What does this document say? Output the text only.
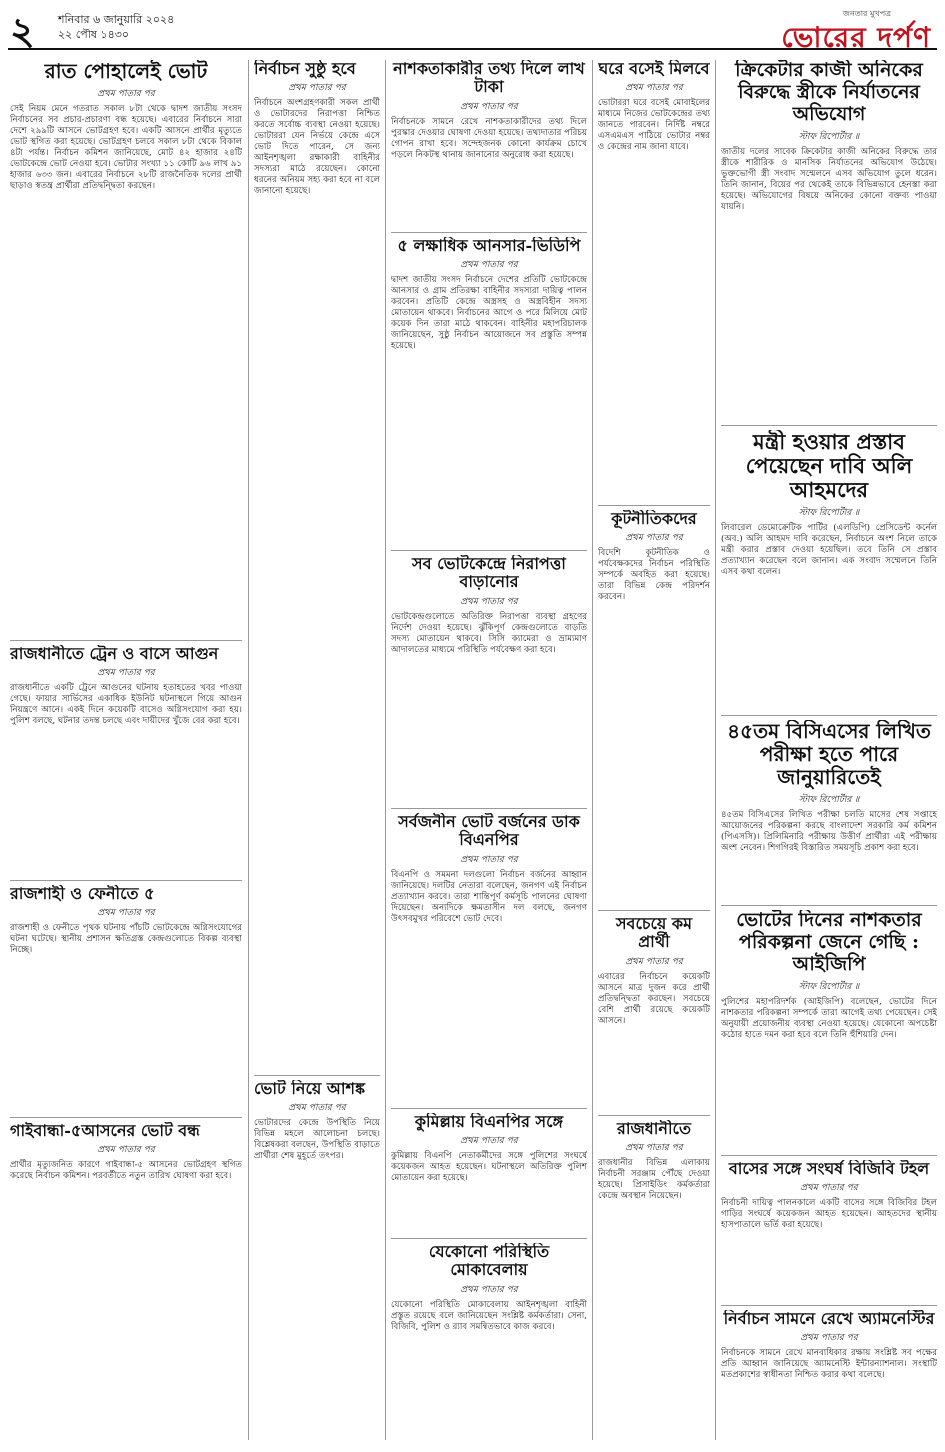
২ শনিবার ৬ জানুয়ারি ২০২৪
২২ পৌষ ১৪৩০
জনতার মুখপত্র
ভোরের দর্পণ
রাত পোহালেই ভোট
প্রথম পাতার পর
সেই নিয়ম মেনে গতরাত সকাল ৮টা থেকে দ্বাদশ জাতীয় সংসদ নির্বাচনের সব প্রচার-প্রচারণা বন্ধ হয়েছে। এবারের নির্বাচনে সারা দেশে ২৯৯টি আসনে ভোটগ্রহণ হবে। একটি আসনে প্রার্থীর মৃত্যুতে ভোট স্থগিত করা হয়েছে। ভোটগ্রহণ চলবে সকাল ৮টা থেকে বিকাল ৪টা পর্যন্ত। নির্বাচন কমিশন জানিয়েছে, মোট ৪২ হাজার ২৪টি ভোটকেন্দ্রে ভোট নেওয়া হবে। ভোটার সংখ্যা ১১ কোটি ৯৬ লাখ ৯১ হাজার ৬৩৩ জন। এবারের নির্বাচনে ২৮টি রাজনৈতিক দলের প্রার্থী ছাড়াও স্বতন্ত্র প্রার্থীরা প্রতিদ্বন্দ্বিতা করছেন।
রাজধানীতে ট্রেন ও বাসে আগুন
প্রথম পাতার পর
রাজধানীতে একটি ট্রেনে আগুনের ঘটনায় হতাহতের খবর পাওয়া গেছে। ফায়ার সার্ভিসের একাধিক ইউনিট ঘটনাস্থলে গিয়ে আগুন নিয়ন্ত্রণে আনে। একই দিনে কয়েকটি বাসেও অগ্নিসংযোগ করা হয়। পুলিশ বলছে, ঘটনার তদন্ত চলছে এবং দায়ীদের খুঁজে বের করা হবে।
রাজশাহী ও ফেনীতে ৫
প্রথম পাতার পর
রাজশাহী ও ফেনীতে পৃথক ঘটনায় পাঁচটি ভোটকেন্দ্রে অগ্নিসংযোগের ঘটনা ঘটেছে। স্থানীয় প্রশাসন ক্ষতিগ্রস্ত কেন্দ্রগুলোতে বিকল্প ব্যবস্থা নিচ্ছে।
গাইবান্ধা-৫আসনের ভোট বন্ধ
প্রথম পাতার পর
প্রার্থীর মৃত্যুজনিত কারণে গাইবান্ধা-৫ আসনের ভোটগ্রহণ স্থগিত করেছে নির্বাচন কমিশন। পরবর্তীতে নতুন তারিখ ঘোষণা করা হবে।
নির্বাচন সুষ্ঠু হবে
প্রথম পাতার পর
নির্বাচনে অংশগ্রহণকারী সকল প্রার্থী ও ভোটারদের নিরাপত্তা নিশ্চিত করতে সর্বোচ্চ ব্যবস্থা নেওয়া হয়েছে। ভোটাররা যেন নির্ভয়ে কেন্দ্রে এসে ভোট দিতে পারেন, সে জন্য আইনশৃঙ্খলা রক্ষাকারী বাহিনীর সদস্যরা মাঠে রয়েছেন। কোনো ধরনের অনিয়ম সহ্য করা হবে না বলে জানানো হয়েছে।
ভোট নিয়ে আশঙ্ক
প্রথম পাতার পর
ভোটারদের কেন্দ্রে উপস্থিতি নিয়ে বিভিন্ন মহলে আলোচনা চলছে। বিশ্লেষকরা বলছেন, উপস্থিতি বাড়াতে প্রার্থীরা শেষ মুহূর্তে তৎপর।
নাশকতাকারীর তথ্য দিলে লাখ টাকা
প্রথম পাতার পর
নির্বাচনকে সামনে রেখে নাশকতাকারীদের তথ্য দিলে পুরস্কার দেওয়ার ঘোষণা দেওয়া হয়েছে। তথ্যদাতার পরিচয় গোপন রাখা হবে। সন্দেহজনক কোনো কার্যক্রম চোখে পড়লে নিকটস্থ থানায় জানানোর অনুরোধ করা হয়েছে।
৫ লক্ষাধিক আনসার-ভিডিপি
প্রথম পাতার পর
দ্বাদশ জাতীয় সংসদ নির্বাচনে দেশের প্রতিটি ভোটকেন্দ্রে আনসার ও গ্রাম প্রতিরক্ষা বাহিনীর সদস্যরা দায়িত্ব পালন করবেন। প্রতিটি কেন্দ্রে অস্ত্রসহ ও অস্ত্রবিহীন সদস্য মোতায়েন থাকবে। নির্বাচনের আগে ও পরে মিলিয়ে মোট কয়েক দিন তারা মাঠে থাকবেন। বাহিনীর মহাপরিচালক জানিয়েছেন, সুষ্ঠু নির্বাচন আয়োজনে সব প্রস্তুতি সম্পন্ন হয়েছে।
সব ভোটকেন্দ্রে নিরাপত্তা বাড়ানোর
প্রথম পাতার পর
ভোটকেন্দ্রগুলোতে অতিরিক্ত নিরাপত্তা ব্যবস্থা গ্রহণের নির্দেশ দেওয়া হয়েছে। ঝুঁকিপূর্ণ কেন্দ্রগুলোতে বাড়তি সদস্য মোতায়েন থাকবে। সিসি ক্যামেরা ও ভ্রাম্যমাণ আদালতের মাধ্যমে পরিস্থিতি পর্যবেক্ষণ করা হবে।
সর্বজনীন ভোট বর্জনের ডাক বিএনপির
প্রথম পাতার পর
বিএনপি ও সমমনা দলগুলো নির্বাচন বর্জনের আহ্বান জানিয়েছে। দলটির নেতারা বলেছেন, জনগণ এই নির্বাচন প্রত্যাখ্যান করবে। তারা শান্তিপূর্ণ কর্মসূচি পালনের ঘোষণা দিয়েছেন। অন্যদিকে ক্ষমতাসীন দল বলছে, জনগণ উৎসবমুখর পরিবেশে ভোট দেবে।
কুমিল্লায় বিএনপির সঙ্গে
প্রথম পাতার পর
কুমিল্লায় বিএনপি নেতাকর্মীদের সঙ্গে পুলিশের সংঘর্ষে কয়েকজন আহত হয়েছেন। ঘটনাস্থলে অতিরিক্ত পুলিশ মোতায়েন করা হয়েছে।
যেকোনো পরিস্থিতি মোকাবেলায়
প্রথম পাতার পর
যেকোনো পরিস্থিতি মোকাবেলায় আইনশৃঙ্খলা বাহিনী প্রস্তুত রয়েছে বলে জানিয়েছেন সংশ্লিষ্ট কর্মকর্তারা। সেনা, বিজিবি, পুলিশ ও র‌্যাব সমন্বিতভাবে কাজ করবে।
ঘরে বসেই মিলবে
প্রথম পাতার পর
ভোটাররা ঘরে বসেই মোবাইলের মাধ্যমে নিজের ভোটকেন্দ্রের তথ্য জানতে পারবেন। নির্দিষ্ট নম্বরে এসএমএস পাঠিয়ে ভোটার নম্বর ও কেন্দ্রের নাম জানা যাবে।
কূটনীতিকদের
প্রথম পাতার পর
বিদেশি কূটনীতিক ও পর্যবেক্ষকদের নির্বাচন পরিস্থিতি সম্পর্কে অবহিত করা হয়েছে। তারা বিভিন্ন কেন্দ্র পরিদর্শন করবেন।
সবচেয়ে কম প্রার্থী
প্রথম পাতার পর
এবারের নির্বাচনে কয়েকটি আসনে মাত্র দুজন করে প্রার্থী প্রতিদ্বন্দ্বিতা করছেন। সবচেয়ে বেশি প্রার্থী রয়েছে কয়েকটি আসনে।
রাজধানীতে
প্রথম পাতার পর
রাজধানীর বিভিন্ন এলাকায় নির্বাচনী সরঞ্জাম পৌঁছে দেওয়া হয়েছে। প্রিসাইডিং কর্মকর্তারা কেন্দ্রে অবস্থান নিয়েছেন।
ক্রিকেটার কাজী অনিকের বিরুদ্ধে স্ত্রীকে নির্যাতনের অভিযোগ
স্টাফ রিপোর্টার ॥
জাতীয় দলের সাবেক ক্রিকেটার কাজী অনিকের বিরুদ্ধে তার স্ত্রীকে শারীরিক ও মানসিক নির্যাতনের অভিযোগ উঠেছে। ভুক্তভোগী স্ত্রী সংবাদ সম্মেলনে এসব অভিযোগ তুলে ধরেন। তিনি জানান, বিয়ের পর থেকেই তাকে বিভিন্নভাবে হেনস্তা করা হয়েছে। অভিযোগের বিষয়ে অনিকের কোনো বক্তব্য পাওয়া যায়নি।
মন্ত্রী হওয়ার প্রস্তাব পেয়েছেন দাবি অলি আহমদের
স্টাফ রিপোর্টার ॥
লিবারেল ডেমোক্রেটিক পার্টির (এলডিপি) প্রেসিডেন্ট কর্নেল (অব.) অলি আহমদ দাবি করেছেন, নির্বাচনে অংশ নিলে তাকে মন্ত্রী করার প্রস্তাব দেওয়া হয়েছিল। তবে তিনি সে প্রস্তাব প্রত্যাখ্যান করেছেন বলে জানান। এক সংবাদ সম্মেলনে তিনি এসব কথা বলেন।
৪৫তম বিসিএসের লিখিত পরীক্ষা হতে পারে জানুয়ারিতেই
স্টাফ রিপোর্টার ॥
৪৫তম বিসিএসের লিখিত পরীক্ষা চলতি মাসের শেষ সপ্তাহে আয়োজনের পরিকল্পনা করছে বাংলাদেশ সরকারি কর্ম কমিশন (পিএসসি)। প্রিলিমিনারি পরীক্ষায় উত্তীর্ণ প্রার্থীরা এই পরীক্ষায় অংশ নেবেন। শিগগিরই বিস্তারিত সময়সূচি প্রকাশ করা হবে।
ভোটের দিনের নাশকতার পরিকল্পনা জেনে গেছি : আইজিপি
স্টাফ রিপোর্টার ॥
পুলিশের মহাপরিদর্শক (আইজিপি) বলেছেন, ভোটের দিনে নাশকতার পরিকল্পনা সম্পর্কে তারা আগেই তথ্য পেয়েছেন। সেই অনুযায়ী প্রয়োজনীয় ব্যবস্থা নেওয়া হয়েছে। যেকোনো অপচেষ্টা কঠোর হাতে দমন করা হবে বলে তিনি হুঁশিয়ারি দেন।
বাসের সঙ্গে সংঘর্ষ বিজিবি টহল
প্রথম পাতার পর
নির্বাচনী দায়িত্ব পালনকালে একটি বাসের সঙ্গে বিজিবির টহল গাড়ির সংঘর্ষে কয়েকজন আহত হয়েছেন। আহতদের স্থানীয় হাসপাতালে ভর্তি করা হয়েছে।
নির্বাচন সামনে রেখে অ্যামনেস্টির
প্রথম পাতার পর
নির্বাচনকে সামনে রেখে মানবাধিকার রক্ষায় সংশ্লিষ্ট সব পক্ষের প্রতি আহ্বান জানিয়েছে অ্যামনেস্টি ইন্টারন্যাশনাল। সংস্থাটি মতপ্রকাশের স্বাধীনতা নিশ্চিত করার কথা বলেছে।
